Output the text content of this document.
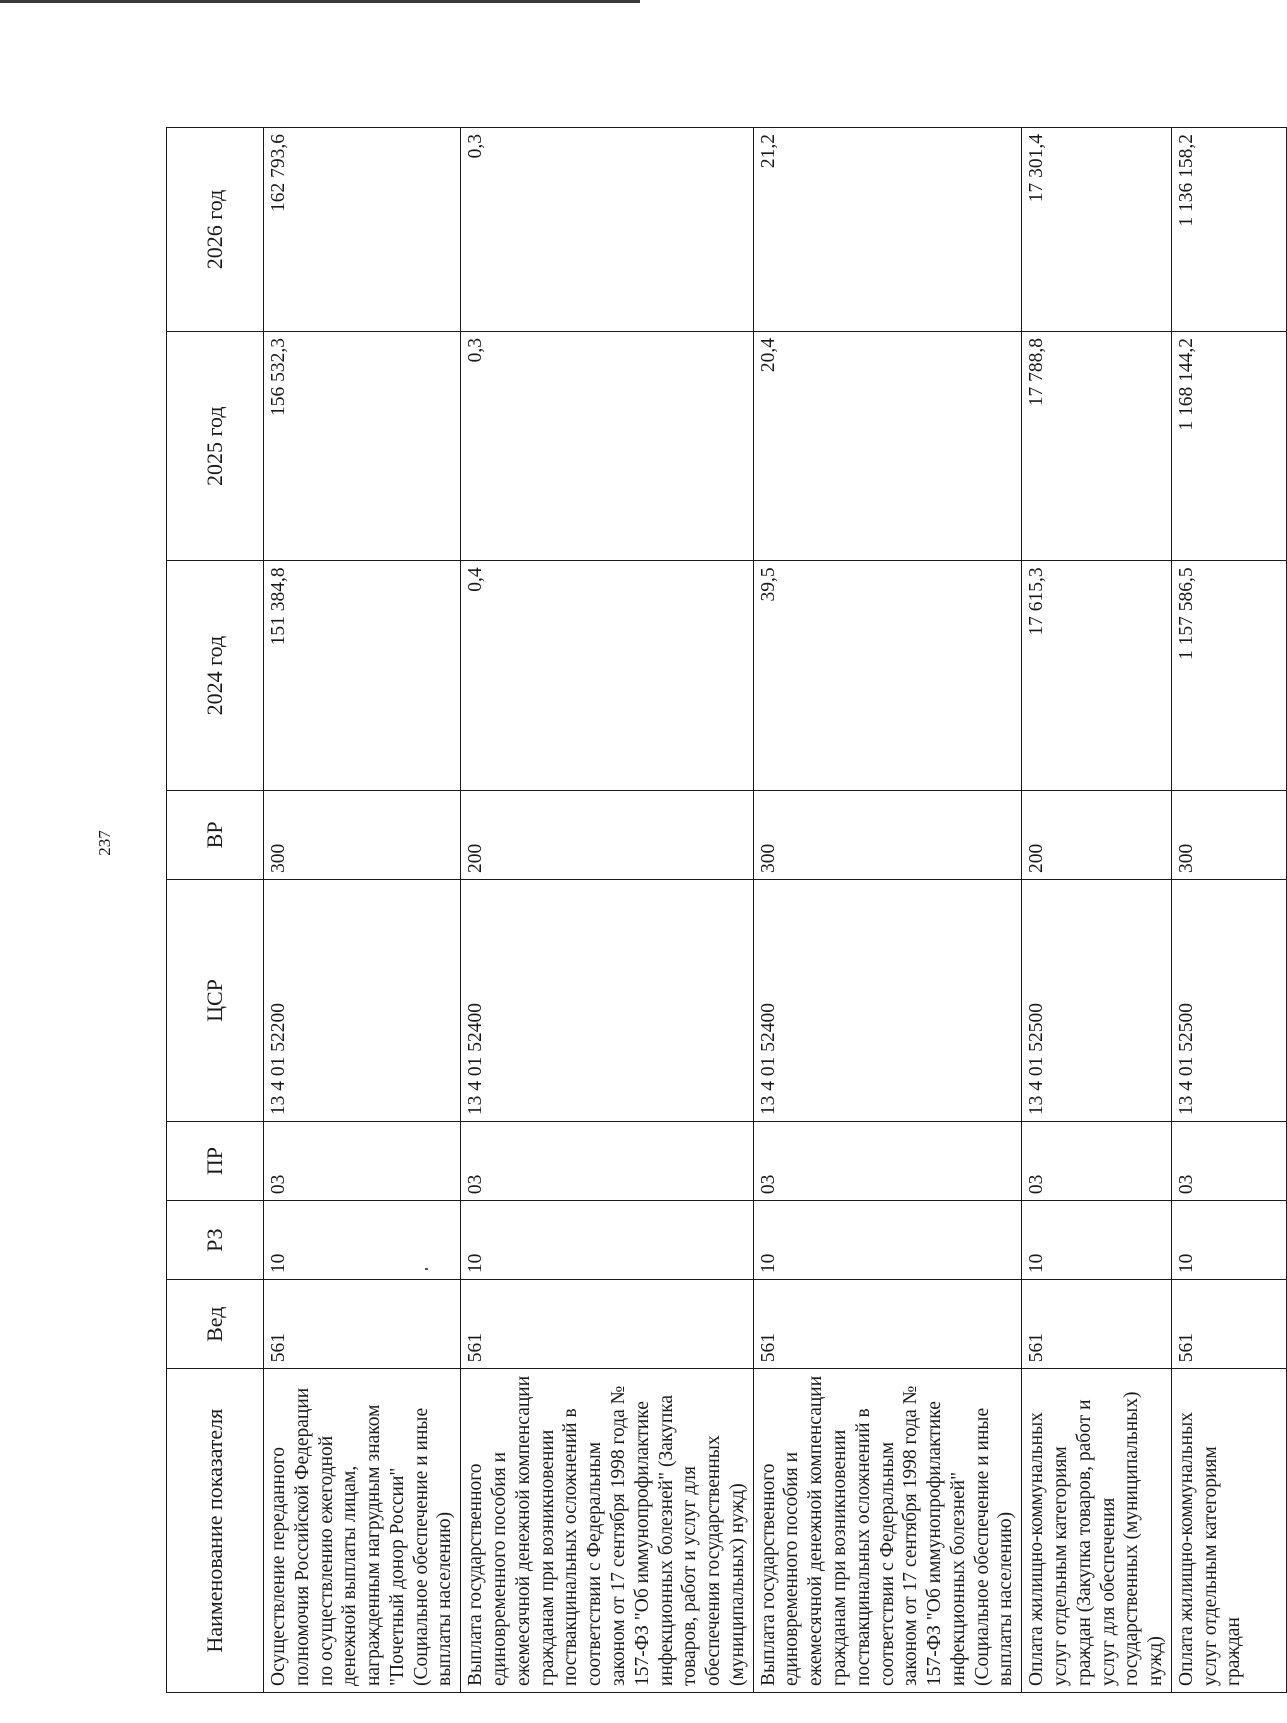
237
Наименование показателя	Вед	РЗ	ПР	ЦСР	ВР	2024 год	2025 год	2026 год
Осуществление переданного полномочия Российской Федерации по осуществлению ежегодной денежной выплаты лицам, награжденным нагрудным знаком "Почетный донор России" (Социальное обеспечение и иные выплаты населению)	561	10	03	13 4 01 52200	300	151 384,8	156 532,3	162 793,6
Выплата государственного единовременного пособия и ежемесячной денежной компенсации гражданам при возникновении поствакцинальных осложнений в соответствии с Федеральным законом от 17 сентября 1998 года № 157-ФЗ "Об иммунопрофилактике инфекционных болезней" (Закупка товаров, работ и услуг для обеспечения государственных (муниципальных) нужд)	561	10	03	13 4 01 52400	200	0,4	0,3	0,3
Выплата государственного единовременного пособия и ежемесячной денежной компенсации гражданам при возникновении поствакцинальных осложнений в соответствии с Федеральным законом от 17 сентября 1998 года № 157-ФЗ "Об иммунопрофилактике инфекционных болезней" (Социальное обеспечение и иные выплаты населению)	561	10	03	13 4 01 52400	300	39,5	20,4	21,2
Оплата жилищно-коммунальных услуг отдельным категориям граждан (Закупка товаров, работ и услуг для обеспечения государственных (муниципальных) нужд)	561	10	03	13 4 01 52500	200	17 615,3	17 788,8	17 301,4
Оплата жилищно-коммунальных услуг отдельным категориям граждан	561	10	03	13 4 01 52500	300	1 157 586,5	1 168 144,2	1 136 158,2
